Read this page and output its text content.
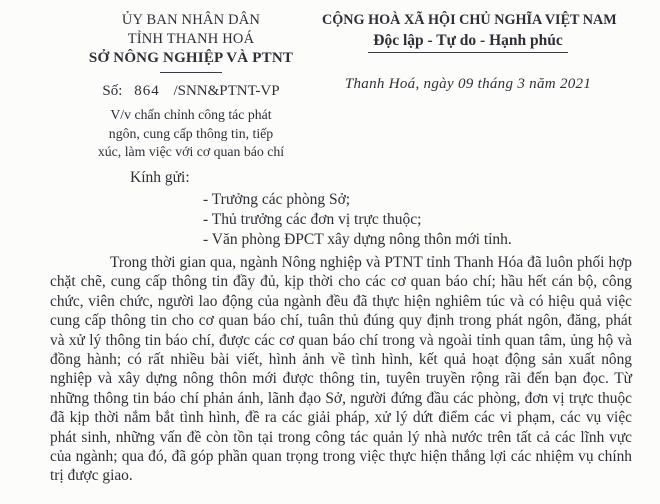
ỦY BAN NHÂN DÂN
TỈNH THANH HOÁ
SỞ NÔNG NGHIỆP VÀ PTNT
Số: 864 /SNN&PTNT-VP
V/v chấn chỉnh công tác phát
ngôn, cung cấp thông tin, tiếp
xúc, làm việc với cơ quan báo chí
CỘNG HOÀ XÃ HỘI CHỦ NGHĨA VIỆT NAM
Độc lập - Tự do - Hạnh phúc
Thanh Hoá, ngày 09 tháng 3 năm 2021
Kính gửi:
- Trưởng các phòng Sở;
- Thủ trưởng các đơn vị trực thuộc;
- Văn phòng ĐPCT xây dựng nông thôn mới tỉnh.
Trong thời gian qua, ngành Nông nghiệp và PTNT tỉnh Thanh Hóa đã luôn phối hợp chặt chẽ, cung cấp thông tin đầy đủ, kịp thời cho các cơ quan báo chí; hầu hết cán bộ, công chức, viên chức, người lao động của ngành đều đã thực hiện nghiêm túc và có hiệu quả việc cung cấp thông tin cho cơ quan báo chí, tuân thủ đúng quy định trong phát ngôn, đăng, phát và xử lý thông tin báo chí, được các cơ quan báo chí trong và ngoài tỉnh quan tâm, ủng hộ và đồng hành; có rất nhiều bài viết, hình ảnh về tình hình, kết quả hoạt động sản xuất nông nghiệp và xây dựng nông thôn mới được thông tin, tuyên truyền rộng rãi đến bạn đọc. Từ những thông tin báo chí phản ánh, lãnh đạo Sở, người đứng đầu các phòng, đơn vị trực thuộc đã kịp thời nắm bắt tình hình, đề ra các giải pháp, xử lý dứt điểm các vi phạm, các vụ việc phát sinh, những vấn đề còn tồn tại trong công tác quản lý nhà nước trên tất cả các lĩnh vực của ngành; qua đó, đã góp phần quan trọng trong việc thực hiện thắng lợi các nhiệm vụ chính trị được giao.
